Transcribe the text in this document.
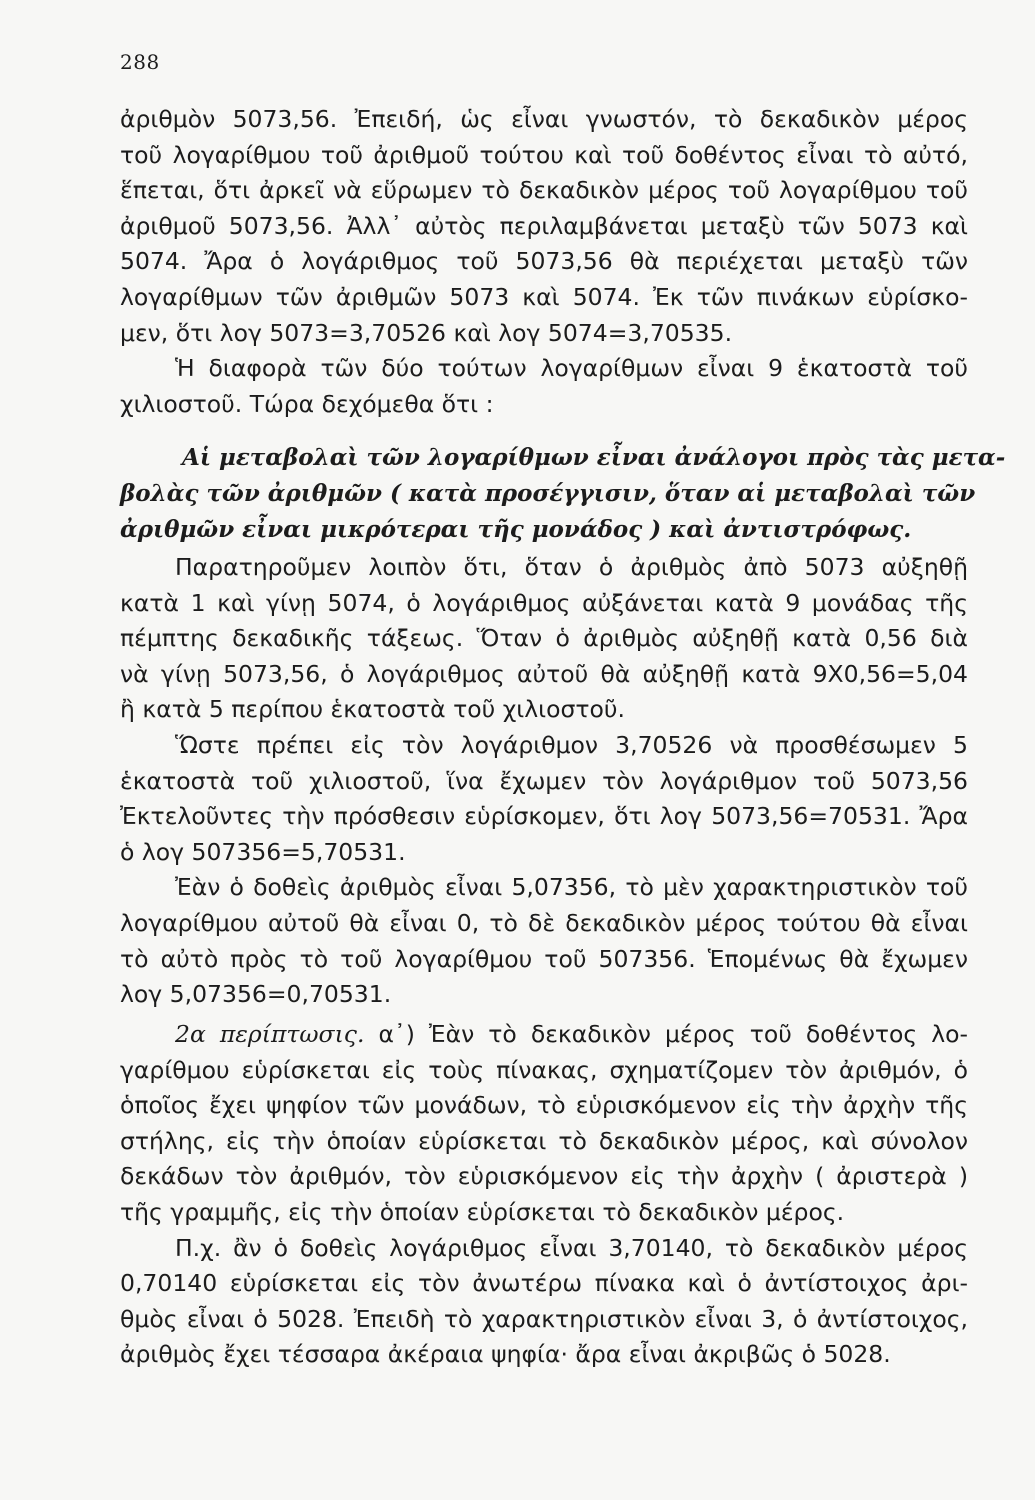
288
ἀριθμὸν 5073,56. Ἐπειδή, ὡς εἶναι γνωστόν, τὸ δεκαδικὸν μέρος
τοῦ λογαρίθμου τοῦ ἀριθμοῦ τούτου καὶ τοῦ δοθέντος εἶναι τὸ αὐτό,
ἕπεται, ὅτι ἀρκεῖ νὰ εὕρωμεν τὸ δεκαδικὸν μέρος τοῦ λογαρίθμου τοῦ
ἀριθμοῦ 5073,56. Ἀλλ᾽ αὐτὸς περιλαμβάνεται μεταξὺ τῶν 5073 καὶ
5074. Ἄρα ὁ λογάριθμος τοῦ 5073,56 θὰ περιέχεται μεταξὺ τῶν
λογαρίθμων τῶν ἀριθμῶν 5073 καὶ 5074. Ἐκ τῶν πινάκων εὑρίσκο-
μεν, ὅτι λογ 5073=3,70526 καὶ λογ 5074=3,70535.
Ἡ διαφορὰ τῶν δύο τούτων λογαρίθμων εἶναι 9 ἑκατοστὰ τοῦ
χιλιοστοῦ. Τώρα δεχόμεθα ὅτι :
Αἱ μεταβολαὶ τῶν λογαρίθμων εἶναι ἀνάλογοι πρὸς τὰς μετα-
βολὰς τῶν ἀριθμῶν ( κατὰ προσέγγισιν, ὅταν αἱ μεταβολαὶ τῶν
ἀριθμῶν εἶναι μικρότεραι τῆς μονάδος ) καὶ ἀντιστρόφως.
Παρατηροῦμεν λοιπὸν ὅτι, ὅταν ὁ ἀριθμὸς ἀπὸ 5073 αὐξηθῇ
κατὰ 1 καὶ γίνῃ 5074, ὁ λογάριθμος αὐξάνεται κατὰ 9 μονάδας τῆς
πέμπτης δεκαδικῆς τάξεως. Ὅταν ὁ ἀριθμὸς αὐξηθῇ κατὰ 0,56 διὰ
νὰ γίνῃ 5073,56, ὁ λογάριθμος αὐτοῦ θὰ αὐξηθῇ κατὰ 9Χ0,56=5,04
ἢ κατὰ 5 περίπου ἑκατοστὰ τοῦ χιλιοστοῦ.
Ὥστε πρέπει εἰς τὸν λογάριθμον 3,70526 νὰ προσθέσωμεν 5
ἑκατοστὰ τοῦ χιλιοστοῦ, ἵνα ἔχωμεν τὸν λογάριθμον τοῦ 5073,56
Ἐκτελοῦντες τὴν πρόσθεσιν εὑρίσκομεν, ὅτι λογ 5073,56=70531. Ἄρα
ὁ λογ 507356=5,70531.
Ἐὰν ὁ δοθεὶς ἀριθμὸς εἶναι 5,07356, τὸ μὲν χαρακτηριστικὸν τοῦ
λογαρίθμου αὐτοῦ θὰ εἶναι 0, τὸ δὲ δεκαδικὸν μέρος τούτου θὰ εἶναι
τὸ αὐτὸ πρὸς τὸ τοῦ λογαρίθμου τοῦ 507356. Ἑπομένως θὰ ἔχωμεν
λογ 5,07356=0,70531.
2α περίπτωσις. α᾽) Ἐὰν τὸ δεκαδικὸν μέρος τοῦ δοθέντος λο-
γαρίθμου εὑρίσκεται εἰς τοὺς πίνακας, σχηματίζομεν τὸν ἀριθμόν, ὁ
ὁποῖος ἔχει ψηφίον τῶν μονάδων, τὸ εὑρισκόμενον εἰς τὴν ἀρχὴν τῆς
στήλης, εἰς τὴν ὁποίαν εὑρίσκεται τὸ δεκαδικὸν μέρος, καὶ σύνολον
δεκάδων τὸν ἀριθμόν, τὸν εὑρισκόμενον εἰς τὴν ἀρχὴν ( ἀριστερὰ )
τῆς γραμμῆς, εἰς τὴν ὁποίαν εὑρίσκεται τὸ δεκαδικὸν μέρος.
Π.χ. ἂν ὁ δοθεὶς λογάριθμος εἶναι 3,70140, τὸ δεκαδικὸν μέρος
0,70140 εὑρίσκεται εἰς τὸν ἀνωτέρω πίνακα καὶ ὁ ἀντίστοιχος ἀρι-
θμὸς εἶναι ὁ 5028. Ἐπειδὴ τὸ χαρακτηριστικὸν εἶναι 3, ὁ ἀντίστοιχος,
ἀριθμὸς ἔχει τέσσαρα ἀκέραια ψηφία· ἄρα εἶναι ἀκριβῶς ὁ 5028.
